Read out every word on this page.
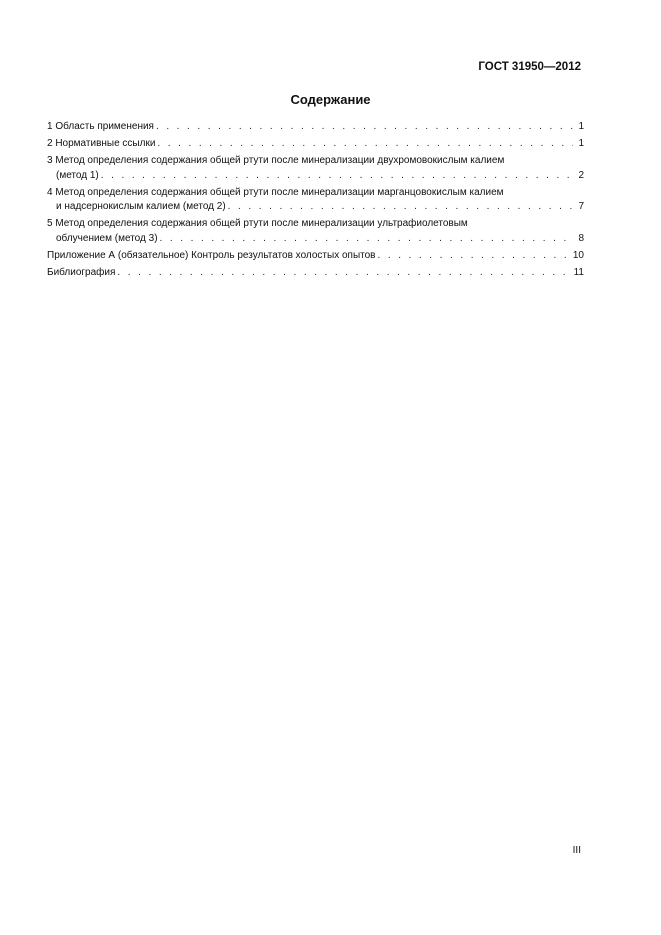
ГОСТ 31950—2012
Содержание
1 Область применения . . .	1
2 Нормативные ссылки . . .	1
3 Метод определения содержания общей ртути после минерализации двухромовокислым калием
(метод 1) . . .	2
4 Метод определения содержания общей ртути после минерализации марганцовокислым калием
и надсернокислым калием (метод 2) . . .	7
5 Метод определения содержания общей ртути после минерализации ультрафиолетовым
облучением (метод 3) . . .	8
Приложение А (обязательное) Контроль результатов холостых опытов . . .	10
Библиография . . .	11
III
